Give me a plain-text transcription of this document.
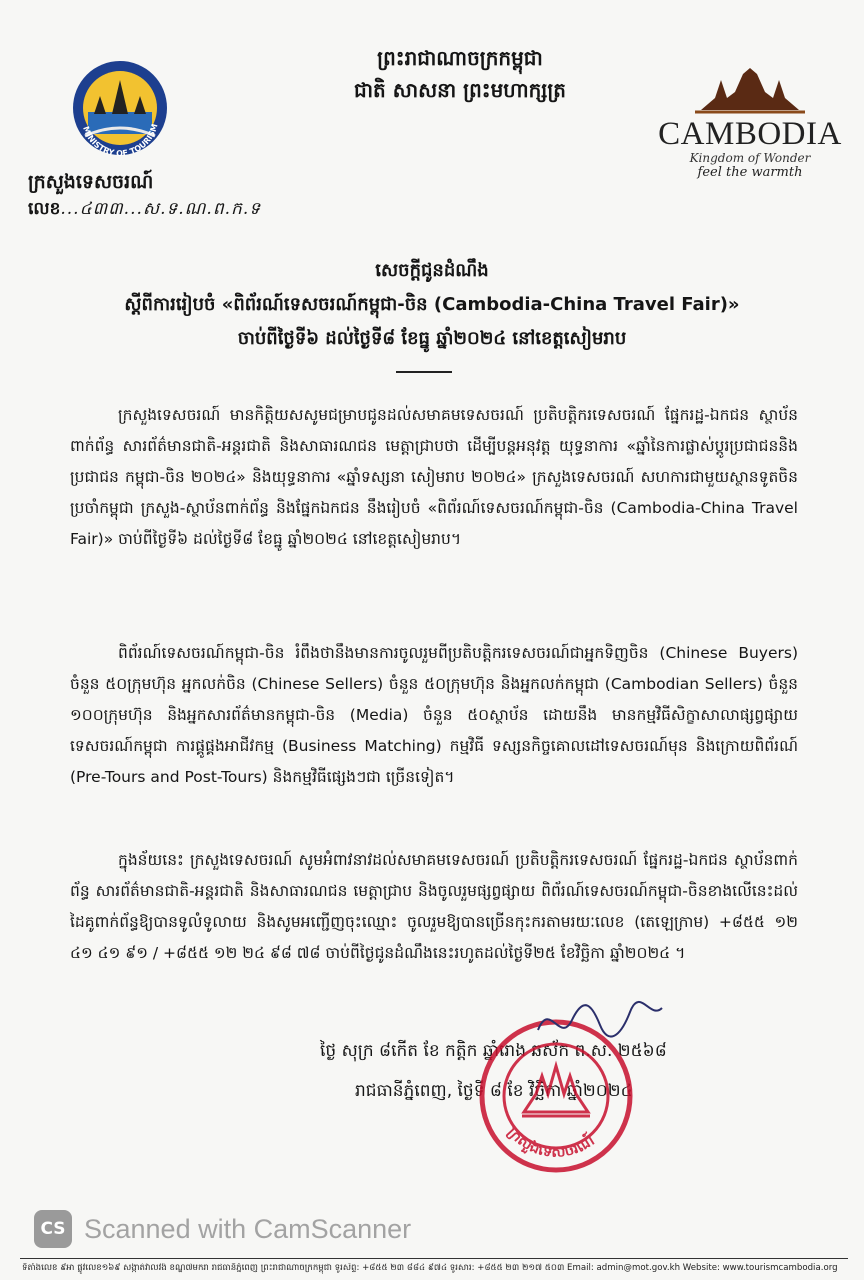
ព្រះរាជាណាចក្រកម្ពុជា
ជាតិ សាសនា ព្រះមហាក្សត្រ
MINISTRY OF TOURISM
ក្រសួងទេសចរណ៍
លេខ...៤៣៣...ស.ទ.ណ.ព.ក.ទ
CAMBODIA
Kingdom of Wonder
feel the warmth
សេចក្ដីជូនដំណឹង
ស្ដីពីការរៀបចំ «ពិព័រណ៍ទេសចរណ៍កម្ពុជា-ចិន (Cambodia-China Travel Fair)»
ចាប់ពីថ្ងៃទី៦ ដល់ថ្ងៃទី៨ ខែធ្នូ ឆ្នាំ២០២៤ នៅខេត្តសៀមរាប

ក្រសួងទេសចរណ៍ មានកិត្តិយសសូមជម្រាបជូនដល់សមាគមទេសចរណ៍ ប្រតិបត្តិករទេសចរណ៍ ផ្នែករដ្ឋ-ឯកជន ស្ថាប័នពាក់ព័ន្ធ សារព័ត៌មានជាតិ-អន្តរជាតិ និងសាធារណជន មេត្តាជ្រាបថា ដើម្បីបន្តអនុវត្ត យុទ្ធនាការ «ឆ្នាំនៃការផ្លាស់ប្ដូរប្រជាជននិងប្រជាជន កម្ពុជា-ចិន ២០២៤» និងយុទ្ធនាការ «ឆ្នាំទស្សនា សៀមរាប ២០២៤» ក្រសួងទេសចរណ៍ សហការជាមួយស្ថានទូតចិនប្រចាំកម្ពុជា ក្រសួង-ស្ថាប័នពាក់ព័ន្ធ និងផ្នែកឯកជន នឹងរៀបចំ «ពិព័រណ៍ទេសចរណ៍កម្ពុជា-ចិន (Cambodia-China Travel Fair)» ចាប់ពីថ្ងៃទី៦ ដល់ថ្ងៃទី៨ ខែធ្នូ ឆ្នាំ២០២៤ នៅខេត្តសៀមរាប។

ពិព័រណ៍ទេសចរណ៍កម្ពុជា-ចិន រំពឹងថានឹងមានការចូលរួមពីប្រតិបត្តិករទេសចរណ៍ជាអ្នកទិញចិន (Chinese Buyers) ចំនួន ៥០ក្រុមហ៊ុន អ្នកលក់ចិន (Chinese Sellers) ចំនួន ៥០ក្រុមហ៊ុន និងអ្នកលក់កម្ពុជា (Cambodian Sellers) ចំនួន ១០០ក្រុមហ៊ុន និងអ្នកសារព័ត៌មានកម្ពុជា-ចិន (Media) ចំនួន ៥០ស្ថាប័ន ដោយនឹង មានកម្មវិធីសិក្ខាសាលាផ្សព្វផ្សាយទេសចរណ៍កម្ពុជា ការផ្គូផ្គងអាជីវកម្ម (Business Matching) កម្មវិធី ទស្សនកិច្ចគោលដៅទេសចរណ៍មុន និងក្រោយពិព័រណ៍ (Pre-Tours and Post-Tours) និងកម្មវិធីផ្សេងៗជា ច្រើនទៀត។

ក្នុងន័យនេះ ក្រសួងទេសចរណ៍ សូមអំពាវនាវដល់សមាគមទេសចរណ៍ ប្រតិបត្តិករទេសចរណ៍ ផ្នែករដ្ឋ-ឯកជន ស្ថាប័នពាក់ព័ន្ធ សារព័ត៌មានជាតិ-អន្តរជាតិ និងសាធារណជន មេត្តាជ្រាប និងចូលរួមផ្សព្វផ្សាយ ពិព័រណ៍ទេសចរណ៍កម្ពុជា-ចិនខាងលើនេះដល់ដៃគូពាក់ព័ន្ធឱ្យបានទូលំទូលាយ និងសូមអញ្ជើញចុះឈ្មោះ ចូលរួមឱ្យបានច្រើនកុះករតាមរយៈលេខ (តេឡេក្រាម) +៨៥៥ ១២ ៤១ ៤១ ៩១ / +៨៥៥ ១២ ២៤ ៩៨ ៧៨ ចាប់ពីថ្ងៃជូនដំណឹងនេះរហូតដល់ថ្ងៃទី២៥ ខែវិច្ឆិកា ឆ្នាំ២០២៤ ។

ថ្ងៃ សុក្រ ៨កើត ខែ កត្តិក ឆ្នាំរោង ឆស័ក ព.ស. ២៥៦៨
រាជធានីភ្នំពេញ, ថ្ងៃទី ៨ ខែ វិច្ឆិកា ឆ្នាំ២០២៤
ក្រសួងទេសចរណ៍
CS Scanned with CamScanner
ទីតាំងលេខ ៩អា ផ្លូវលេខ១៦៩ សង្កាត់វាលវង់ ខណ្ឌ៧មករា រាជធានីភ្នំពេញ ព្រះរាជាណាចក្រកម្ពុជា ទូរស័ព្ទ: +៨៥៥ ២៣ ៨៨៤ ៩៧៤ ទូរសារ: +៨៥៥ ២៣ ២១៧ ៥០៣ Email: admin@mot.gov.kh Website: www.tourismcambodia.org
